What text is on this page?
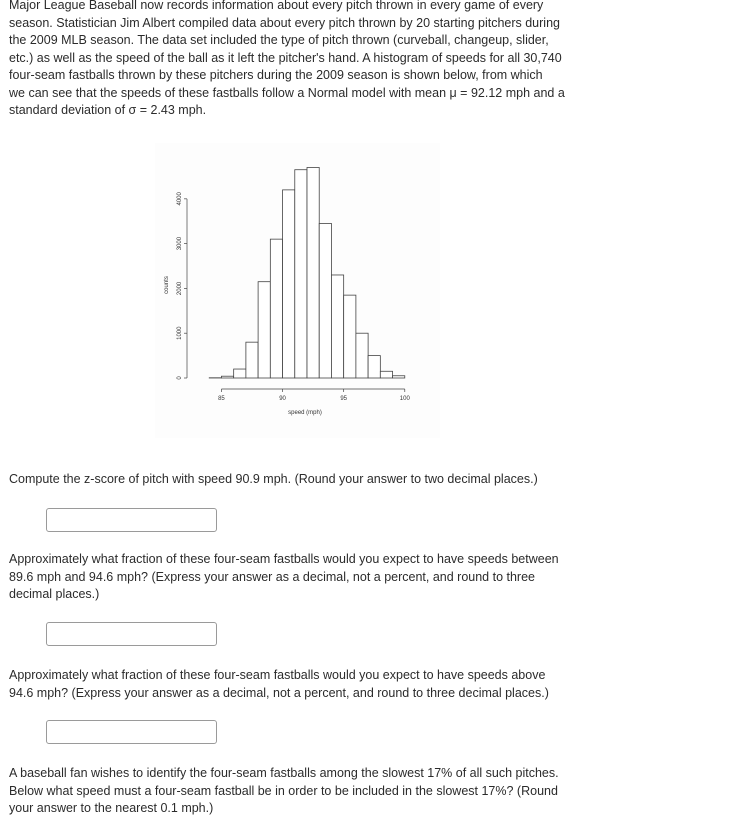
Major League Baseball now records information about every pitch thrown in every game of every
season. Statistician Jim Albert compiled data about every pitch thrown by 20 starting pitchers during
the 2009 MLB season. The data set included the type of pitch thrown (curveball, changeup, slider,
etc.) as well as the speed of the ball as it left the pitcher's hand. A histogram of speeds for all 30,740
four-seam fastballs thrown by these pitchers during the 2009 season is shown below, from which
we can see that the speeds of these fastballs follow a Normal model with mean μ = 92.12 mph and a
standard deviation of σ = 2.43 mph.
85	90	95	100
0
1000
2000
3000
4000
speed (mph)
counts
Compute the z-score of pitch with speed 90.9 mph. (Round your answer to two decimal places.)
Approximately what fraction of these four-seam fastballs would you expect to have speeds between
89.6 mph and 94.6 mph? (Express your answer as a decimal, not a percent, and round to three
decimal places.)
Approximately what fraction of these four-seam fastballs would you expect to have speeds above
94.6 mph? (Express your answer as a decimal, not a percent, and round to three decimal places.)
A baseball fan wishes to identify the four-seam fastballs among the slowest 17% of all such pitches.
Below what speed must a four-seam fastball be in order to be included in the slowest 17%? (Round
your answer to the nearest 0.1 mph.)
